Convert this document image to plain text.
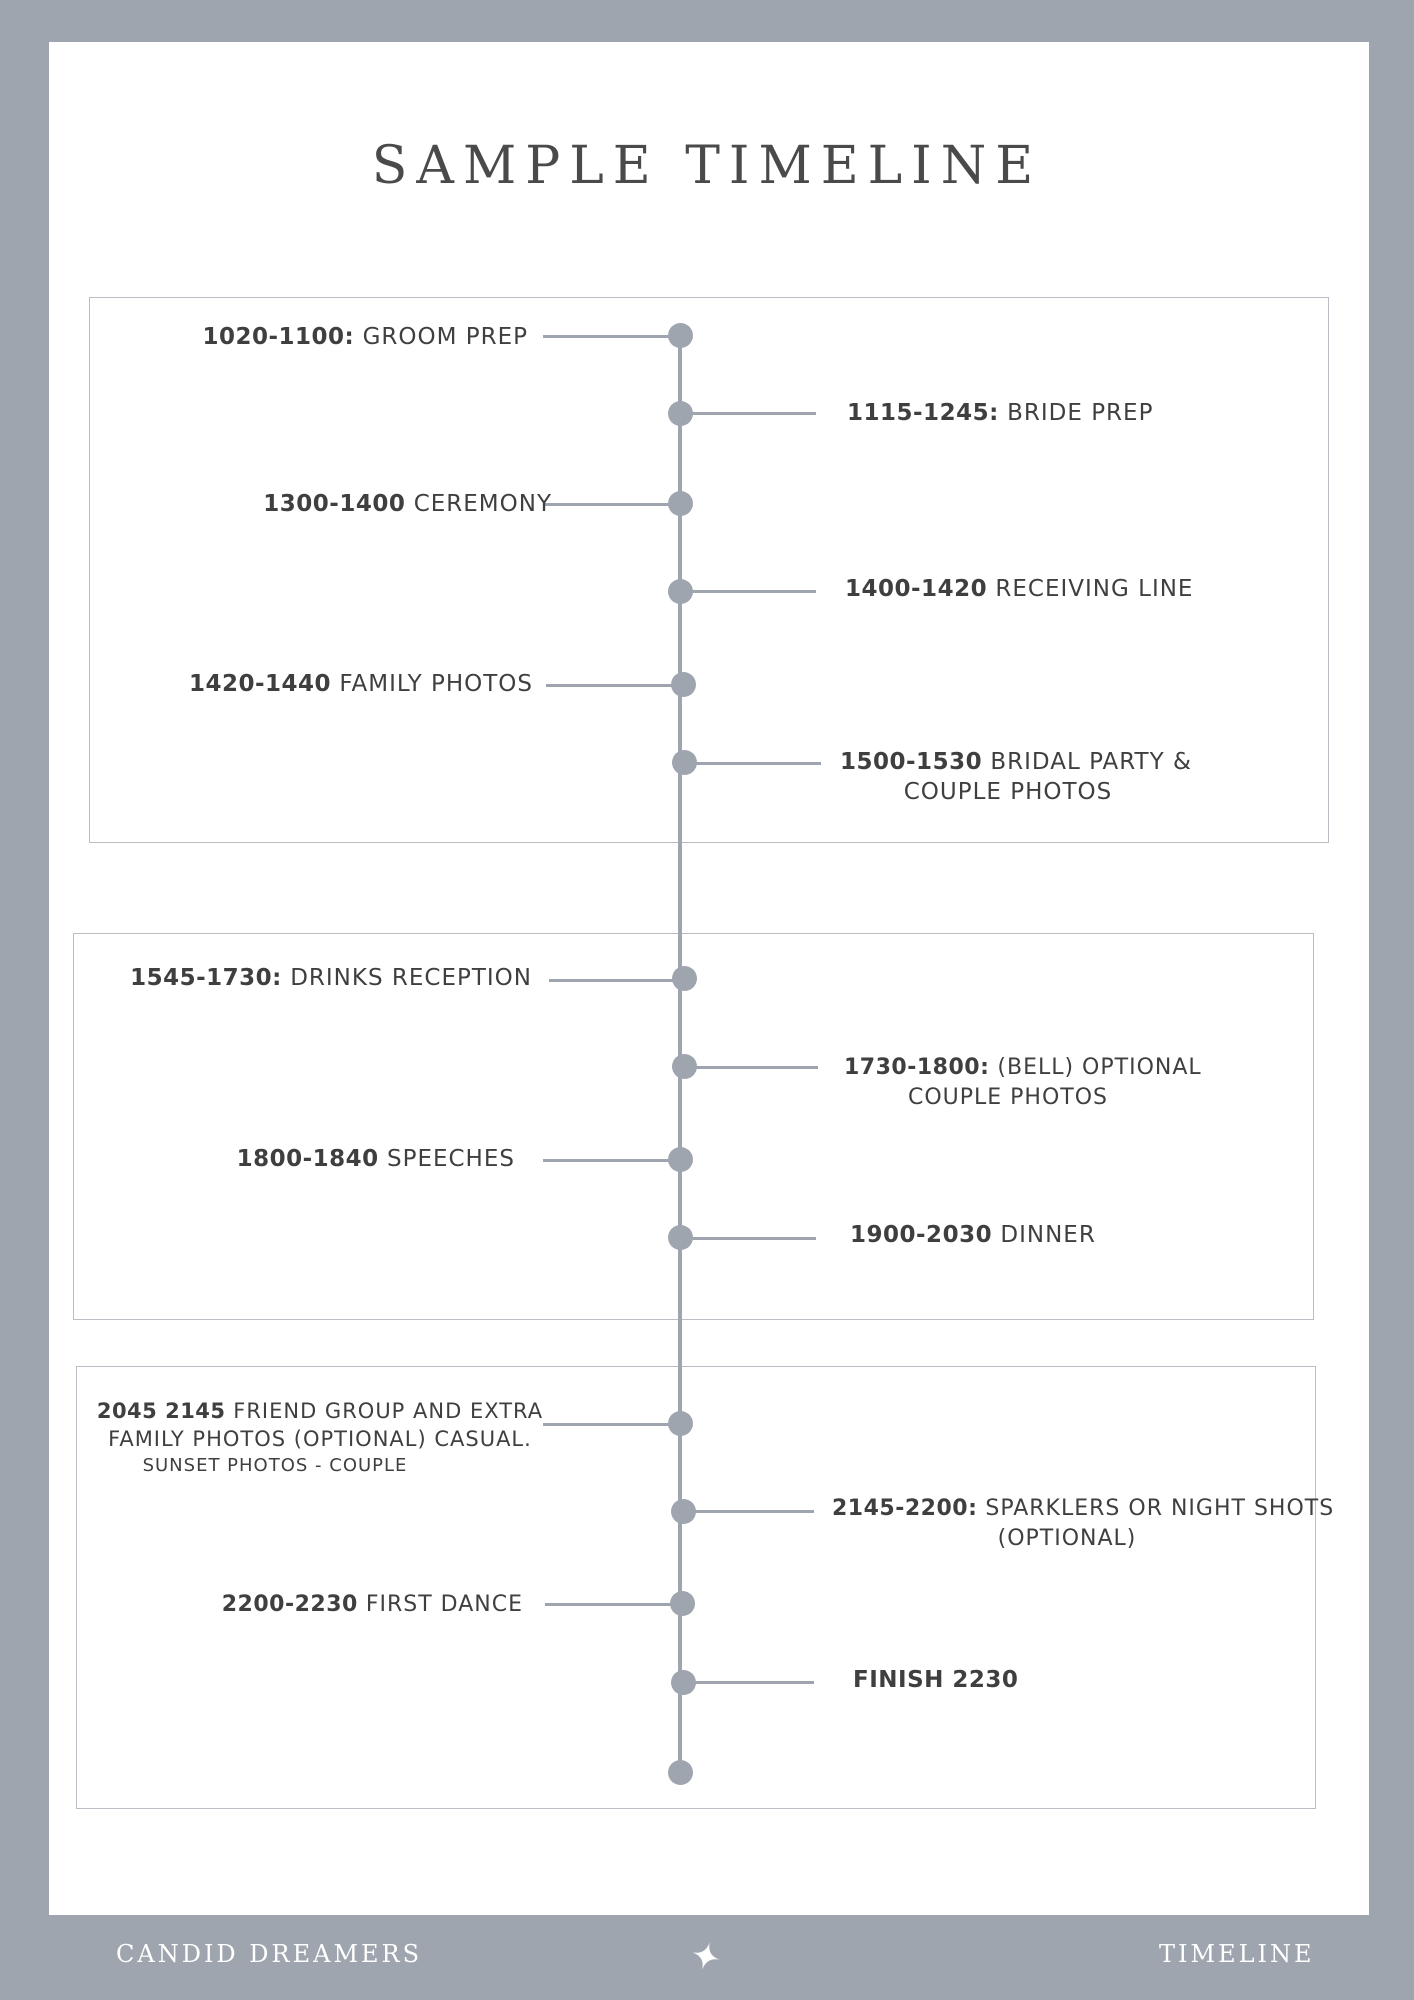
SAMPLE TIMELINE
1020-1100: GROOM PREP
1115-1245: BRIDE PREP
1300-1400 CEREMONY
1400-1420 RECEIVING LINE
1420-1440 FAMILY PHOTOS
1500-1530 BRIDAL PARTY &
COUPLE PHOTOS
1545-1730: DRINKS RECEPTION
1730-1800: (BELL) OPTIONAL
COUPLE PHOTOS
1800-1840 SPEECHES
1900-2030 DINNER
2045 2145 FRIEND GROUP AND EXTRA
FAMILY PHOTOS (OPTIONAL) CASUAL.
SUNSET PHOTOS - COUPLE
2145-2200: SPARKLERS OR NIGHT SHOTS
(OPTIONAL)
2200-2230 FIRST DANCE
FINISH 2230
CANDID DREAMERS	TIMELINE
